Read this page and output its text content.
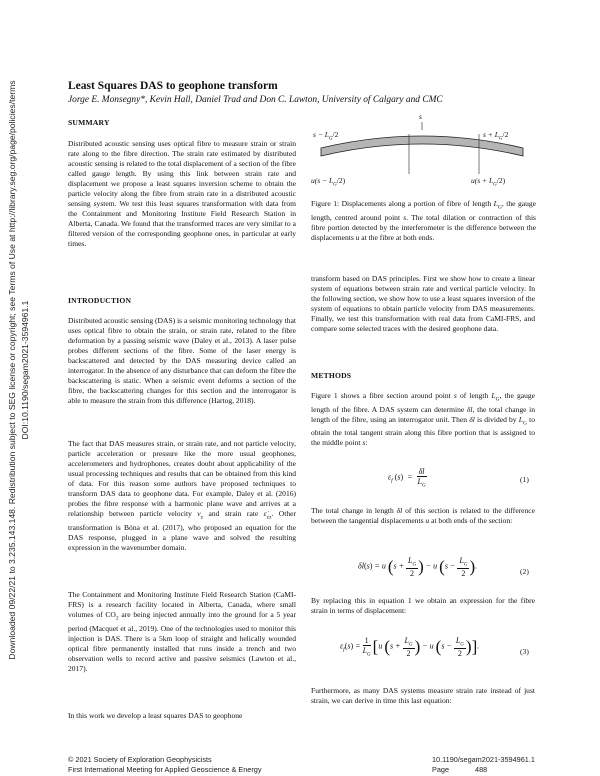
Downloaded 09/22/21 to 3.235.143.148. Redistribution subject to SEG license or copyright; see Terms of Use at http://library.seg.org/page/policies/terms DOI:10.1190/segam2021-3594961.1
Least Squares DAS to geophone transform
Jorge E. Monsegny*, Kevin Hall, Daniel Trad and Don C. Lawton, University of Calgary and CMC
SUMMARY

Distributed acoustic sensing uses optical fibre to measure strain or strain rate along to the fibre direction. The strain rate estimated by distributed acoustic sensing is related to the total displacement of a section of the fibre called gauge length. By using this link between strain rate and displacement we propose a least squares inversion scheme to obtain the particle velocity along the fibre from strain rate in a distributed acoustic sensing system. We test this least squares transformation with data from the Containment and Monitoring Institute Field Research Station in Alberta, Canada. We found that the transformed traces are very similar to a filtered version of the corresponding geophone ones, in particular at early times.

INTRODUCTION

Distributed acoustic sensing (DAS) is a seismic monitoring technology that uses optical fibre to obtain the strain, or strain rate, related to the fibre deformation by a passing seismic wave (Daley et al., 2013). A laser pulse probes different sections of the fibre. Some of the laser energy is backscattered and detected by the DAS measuring device called an interrogator. In the absence of any disturbance that can deform the fibre the backscattering is static. When a seismic event deforms a section of the fibre, the backscattering changes for this section and the interrogator is able to measure the strain from this difference (Hartog, 2018).

The fact that DAS measures strain, or strain rate, and not particle velocity, particle acceleration or pressure like the more usual geophones, accelerometers and hydrophones, creates doubt about applicability of the usual processing techniques and results that can be obtained from this kind of data. For this reason some authors have proposed techniques to transform DAS data to geophone data. For example, Daley et al. (2016) probes the fibre response with a harmonic plane wave and arrives at a relationship between particle velocity $v_z$ and strain rate $\varepsiloṅ_{zz}$. Other transformation is Bóna et al. (2017), who proposed an equation for the DAS response, plugged in a plane wave and solved the resulting expression in the wavenumber domain.

The Containment and Monitoring Institute Field Research Station (CaMI-FRS) is a research facility located in Alberta, Canada, where small volumes of $CO_2$ are being injected annually into the ground for a 5 year period (Macquet et al., 2019). One of the technologies used to monitor this injection is DAS. There is a 5km loop of straight and helically wounded optical fibre permanently installed that runs inside a trench and two observation wells to record active and passive seismics (Lawton et al., 2017).

In this work we develop a least squares DAS to geophone

s
$s - L_G/2$	$s + L_G/2$
$u(s - L_G/2)$	$u(s + L_G/2)$

Figure 1: Displacements along a portion of fibre of length $L_G$, the gauge length, centred around point s. The total dilation or contraction of this fibre portion detected by the interferometer is the difference between the displacements u at the fibre at both ends.

transform based on DAS principles. First we show how to create a linear system of equations between strain rate and vertical particle velocity. In the following section, we show how to use a least squares inversion of the system of equations to obtain particle velocity from DAS measurements. Finally, we test this transformation with real data from CaMI-FRS, and compare some selected traces with the desired geophone data.

METHODS

Figure 1 shows a fibre section around point s of length $L_G$, the gauge length of the fibre. A DAS system can determine δl, the total change in length of the fibre, using an interrogator unit. Then δl is divided by $L_G$ to obtain the total tangent strain along this fibre portion that is assigned to the middle point s:

$\varepsilon_f$ $(s) = \frac{\delta l}{L_G}$	(1)

The total change in length δl of this section is related to the difference between the tangential displacements u at both ends of the section:

δl(s) = u ($s + \frac{L_G}{2}$ ) − u ($s - \frac{L_G}{2}$ ).
(2)

By replacing this in equation 1 we obtain an expression for the fibre strain in terms of displacement:

$\varepsilon_f(s) = \frac{1}{L_G} [u$ ($s + \frac{L_G}{2}$ ) − u ($s - \frac{L_G}{2}$ )].
(3)

Furthermore, as many DAS systems measure strain rate instead of just strain, we can derive in time this last equation:

© 2021 Society of Exploration Geophysicists
First International Meeting for Applied Geoscience & Energy
10.1190/segam2021-3594961.1
Page	488
